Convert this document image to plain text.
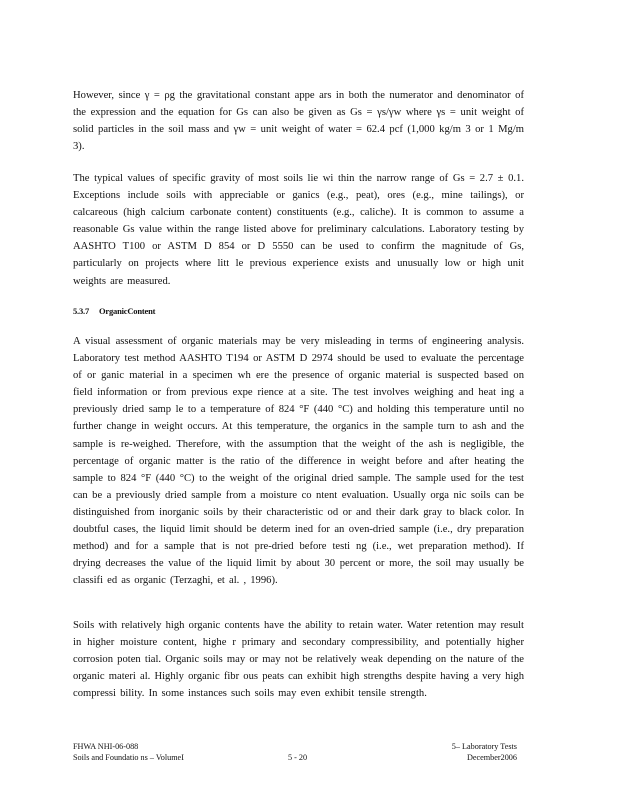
However, since γ = ρg the gravitational constant appe ars in both the numerator and denominator of the expression and the equation for Gs can also be given as Gs = γs/γw where γs = unit weight of solid particles in the soil mass and γw = unit weight of water = 62.4 pcf (1,000 kg/m 3 or 1 Mg/m 3).

The typical values of specific gravity of most soils lie wi thin the narrow range of Gs = 2.7 ± 0.1. Exceptions include soils with appreciable or ganics (e.g., peat), ores (e.g., mine tailings), or calcareous (high calcium carbonate content) constituents (e.g., caliche). It is common to assume a reasonable Gs value within the range listed above for preliminary calculations. Laboratory testing by AASHTO T100 or ASTM D 854 or D 5550 can be used to confirm the magnitude of Gs, particularly on projects where litt le previous experience exists and unusually low or high unit weights are measured.

5.3.7 OrganicContent

A visual assessment of organic materials may be very misleading in terms of engineering analysis. Laboratory test method AASHTO T194 or ASTM D 2974 should be used to evaluate the percentage of or ganic material in a specimen wh ere the presence of organic material is suspected based on field information or from previous expe rience at a site. The test involves weighing and heat ing a previously dried samp le to a temperature of 824 °F (440 °C) and holding this temperature until no further change in weight occurs. At this temperature, the organics in the sample turn to ash and the sample is re-weighed. Therefore, with the assumption that the weight of the ash is negligible, the percentage of organic matter is the ratio of the difference in weight before and after heating the sample to 824 °F (440 °C) to the weight of the original dried sample. The sample used for the test can be a previously dried sample from a moisture co ntent evaluation. Usually orga nic soils can be distinguished from inorganic soils by their characteristic od or and their dark gray to black color. In doubtful cases, the liquid limit should be determ ined for an oven-dried sample (i.e., dry preparation method) and for a sample that is not pre-dried before testi ng (i.e., wet preparation method). If drying decreases the value of the liquid limit by about 30 percent or more, the soil may usually be classifi ed as organic (Terzaghi, et al. , 1996).

Soils with relatively high organic contents have the ability to retain water. Water retention may result in higher moisture content, highe r primary and secondary compressibility, and potentially higher corrosion poten tial. Organic soils may or may not be relatively weak depending on the nature of the organic materi al. Highly organic fibr ous peats can exhibit high strengths despite having a very high compressi bility. In some instances such soils may even exhibit tensile strength.

FHWA NHI-06-088
Soils and Foundatio ns – VolumeI	5 - 20
5– Laboratory Tests
December2006
